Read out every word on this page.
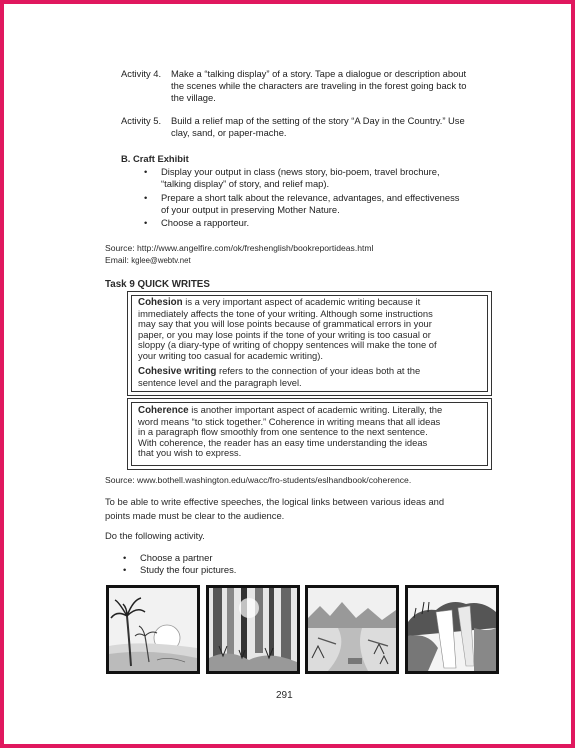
Activity 4. Make a “talking display” of a story. Tape a dialogue or description about
the scenes while the characters are traveling in the forest going back to
the village.
Activity 5. Build a relief map of the setting of the story “A Day in the Country.” Use
clay, sand, or paper-mache.
B. Craft Exhibit
• Display your output in class (news story, bio-poem, travel brochure,
“talking display” of story, and relief map).
• Prepare a short talk about the relevance, advantages, and effectiveness
of your output in preserving Mother Nature.
• Choose a rapporteur.
Source: http://www.angelfire.com/ok/freshenglish/bookreportideas.html
Email: kglee@webtv.net
Task 9 QUICK WRITES
Cohesion is a very important aspect of academic writing because it
immediately affects the tone of your writing. Although some instructions
may say that you will lose points because of grammatical errors in your
paper, or you may lose points if the tone of your writing is too casual or
sloppy (a diary-type of writing of choppy sentences will make the tone of
your writing too casual for academic writing).
Cohesive writing refers to the connection of your ideas both at the
sentence level and the paragraph level.
Coherence is another important aspect of academic writing. Literally, the
word means “to stick together.” Coherence in writing means that all ideas
in a paragraph flow smoothly from one sentence to the next sentence.
With coherence, the reader has an easy time understanding the ideas
that you wish to express.
Source: www.bothell.washington.edu/wacc/fro-students/eslhandbook/coherence.
To be able to write effective speeches, the logical links between various ideas and
points made must be clear to the audience.
Do the following activity.
• Choose a partner
• Study the four pictures.
291
